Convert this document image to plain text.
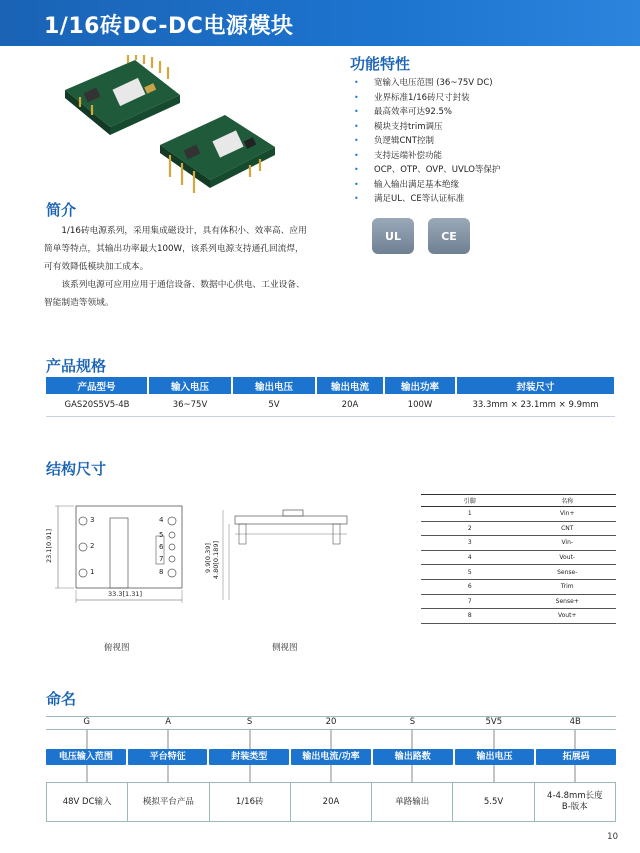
1/16砖DC-DC电源模块
功能特性
•	宽输入电压范围 (36~75V DC)
•	业界标准1/16砖尺寸封装
•	最高效率可达92.5%
•	模块支持trim调压
•	负逻辑CNT控制
•	支持远端补偿功能
•	OCP、OTP、OVP、UVLO等保护
•	输入输出满足基本绝缘
•	满足UL、CE等认证标准
UL	CE
简介

1/16砖电源系列，采用集成磁设计，具有体积小、效率高、应用简单等特点，其输出功率最大100W，该系列电源支持通孔回流焊，可有效降低模块加工成本。

该系列电源可应用应用于通信设备、数据中心供电、工业设备、智能制造等领域。

产品规格
产品型号	输入电压	输出电压	输出电流	输出功率	封装尺寸
GAS20S5V5-4B	36~75V	5V	20A	100W	33.3mm × 23.1mm × 9.9mm
结构尺寸
3
2
1
4
5
6
7
8
23.1[0.91]
33.3[1.31]
9.9[0.39] 4.80[0.189]
俯视图	侧视图
引脚	名称
1	Vin+
2	CNT
3	Vin-
4	Vout-
5	Sense-
6	Trim
7	Sense+
8	Vout+
命名
G	A	S	20	S	5V5	4B
电压输入范围	平台特征	封装类型	输出电流/功率	输出路数	输出电压	拓展码
48V DC输入	模拟平台产品	1/16砖	20A	单路输出	5.5V
4-4.8mm长度
B-版本
10
